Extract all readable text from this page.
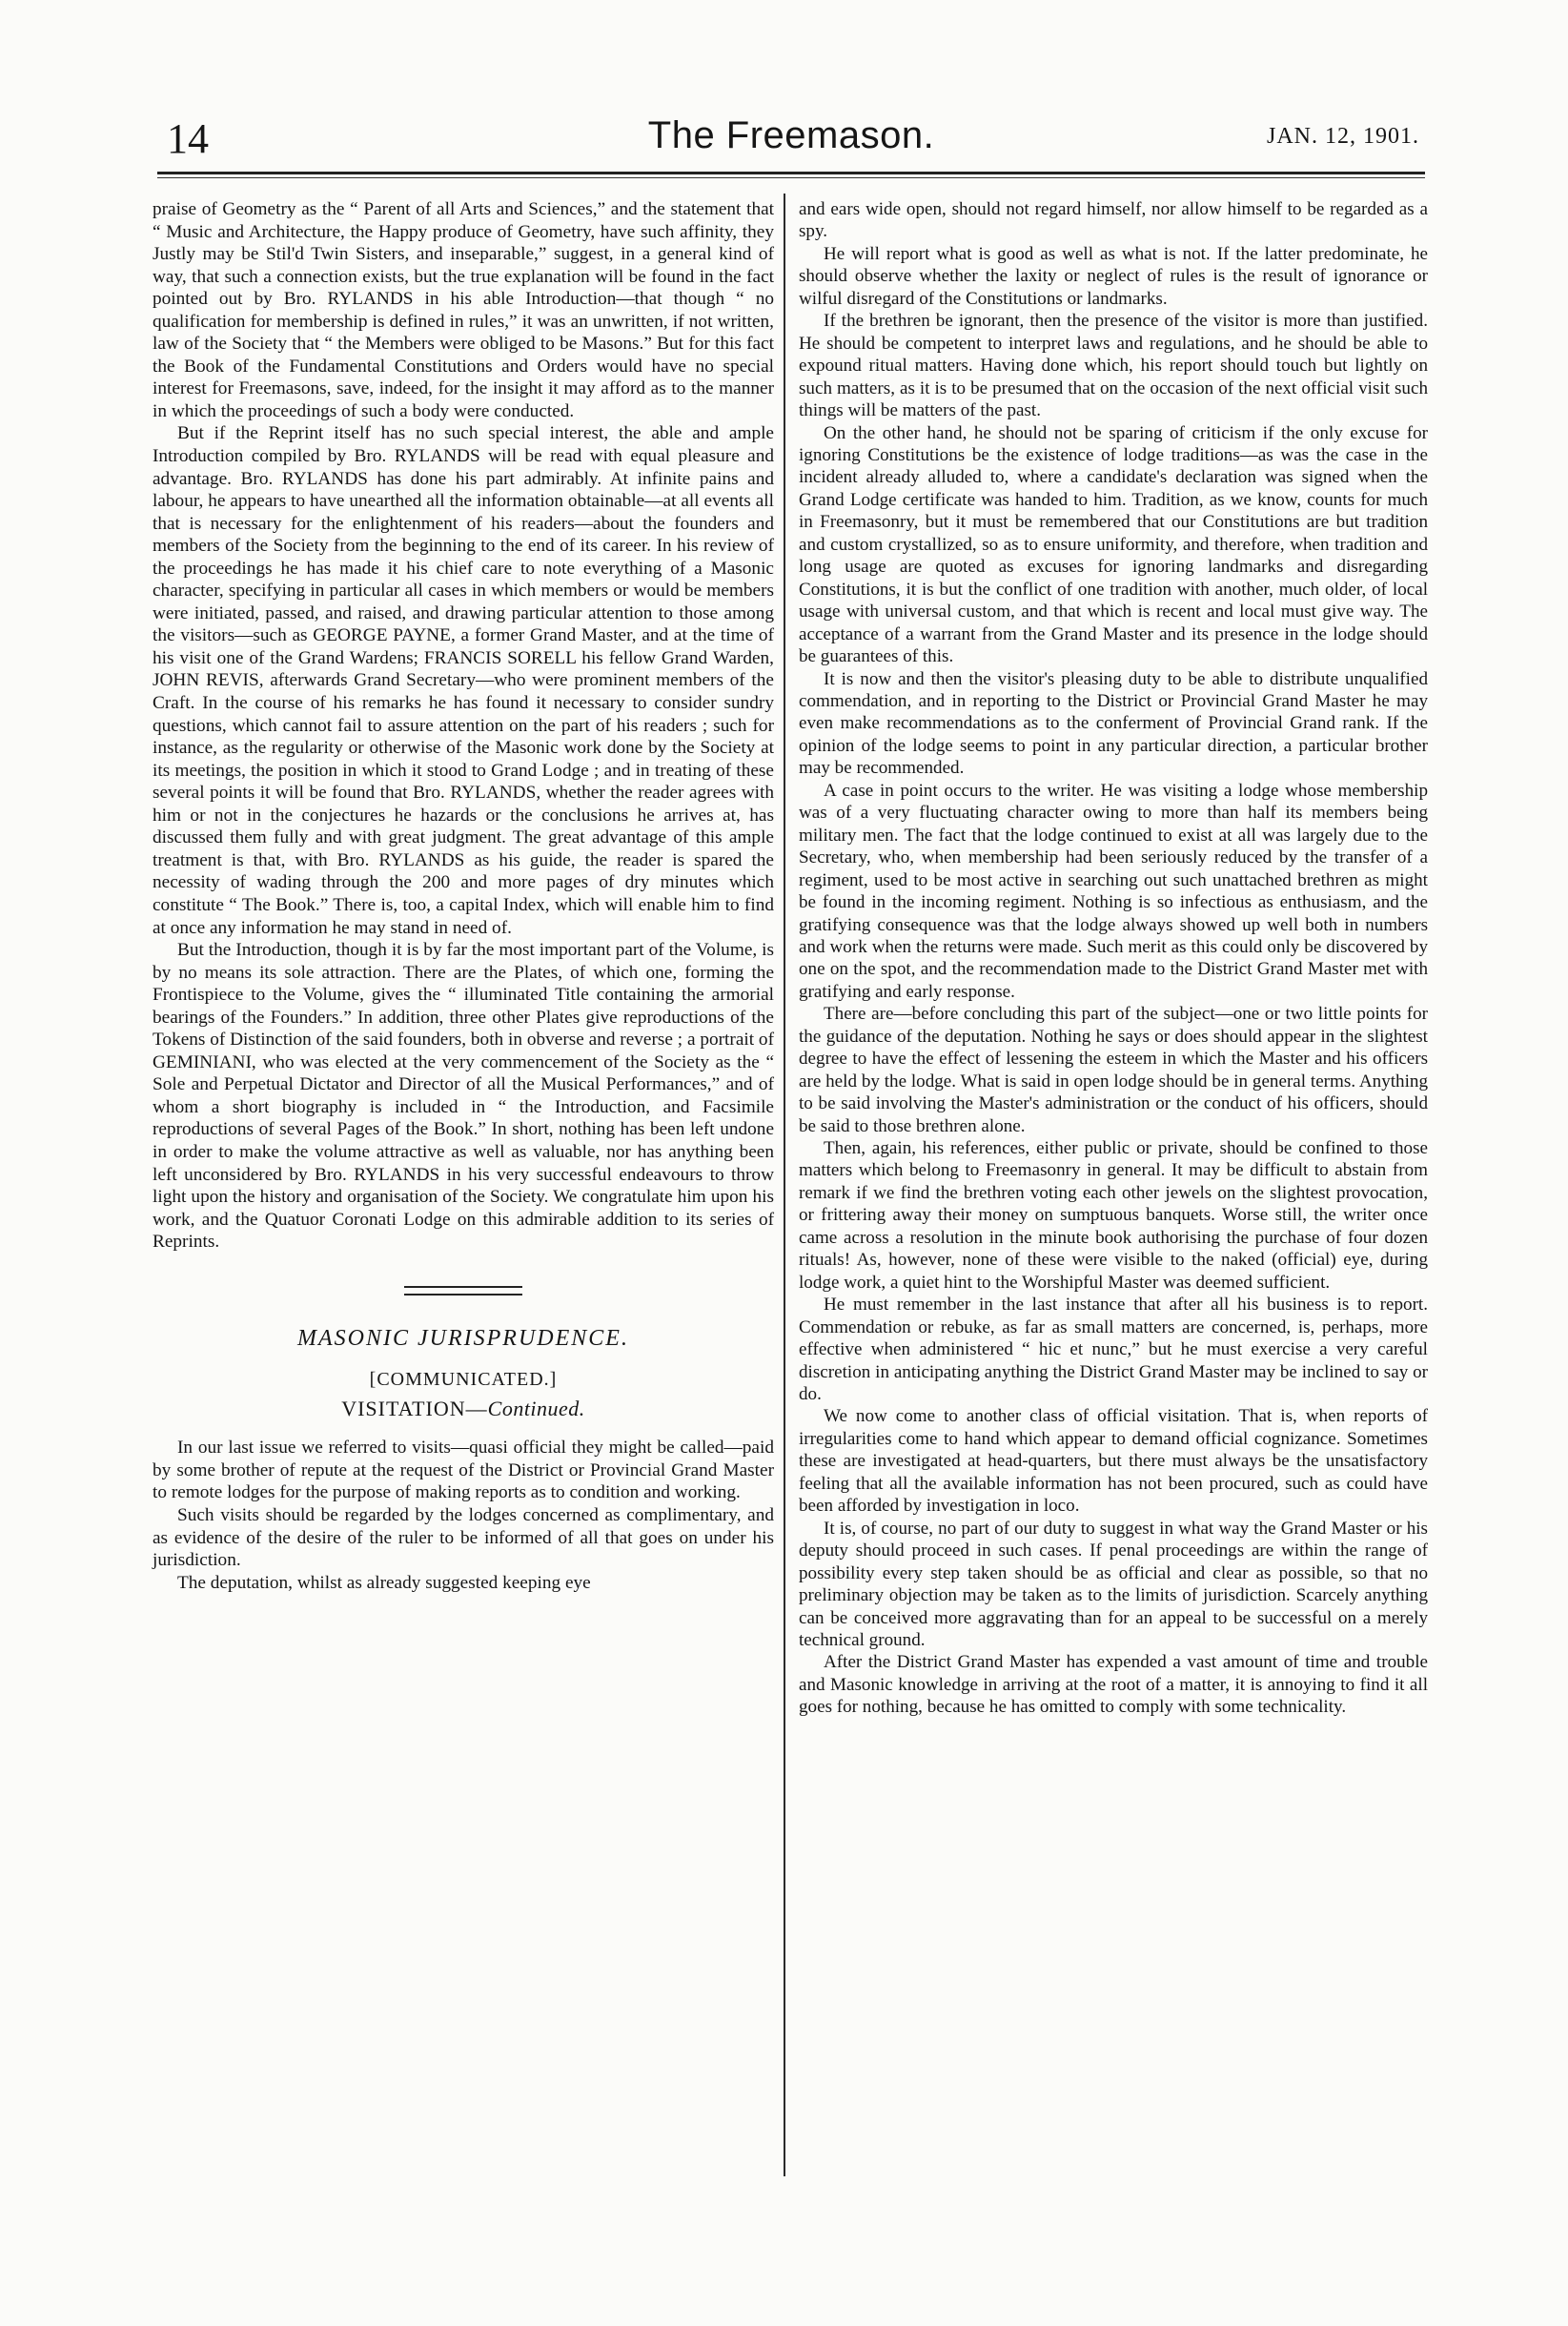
14	The Freemason.	JAN. 12, 1901.

praise of Geometry as the “ Parent of all Arts and Sciences,” and the statement that “ Music and Architecture, the Happy produce of Geometry, have such affinity, they Justly may be Stil'd Twin Sisters, and inseparable,” suggest, in a general kind of way, that such a connection exists, but the true explanation will be found in the fact pointed out by Bro. RYLANDS in his able Introduction—that though “ no qualification for membership is defined in rules,” it was an unwritten, if not written, law of the Society that “ the Members were obliged to be Masons.” But for this fact the Book of the Fundamental Constitutions and Orders would have no special interest for Freemasons, save, indeed, for the insight it may afford as to the manner in which the proceedings of such a body were conducted.

But if the Reprint itself has no such special interest, the able and ample Introduction compiled by Bro. RYLANDS will be read with equal pleasure and advantage. Bro. RYLANDS has done his part admirably. At infinite pains and labour, he appears to have unearthed all the information obtainable—at all events all that is necessary for the enlightenment of his readers—about the founders and members of the Society from the beginning to the end of its career. In his review of the proceedings he has made it his chief care to note everything of a Masonic character, specifying in particular all cases in which members or would be members were initiated, passed, and raised, and drawing particular attention to those among the visitors—such as GEORGE PAYNE, a former Grand Master, and at the time of his visit one of the Grand Wardens; FRANCIS SORELL his fellow Grand Warden, JOHN REVIS, afterwards Grand Secretary—who were prominent members of the Craft. In the course of his remarks he has found it necessary to consider sundry questions, which cannot fail to assure attention on the part of his readers ; such for instance, as the regularity or otherwise of the Masonic work done by the Society at its meetings, the position in which it stood to Grand Lodge ; and in treating of these several points it will be found that Bro. RYLANDS, whether the reader agrees with him or not in the conjectures he hazards or the conclusions he arrives at, has discussed them fully and with great judgment. The great advantage of this ample treatment is that, with Bro. RYLANDS as his guide, the reader is spared the necessity of wading through the 200 and more pages of dry minutes which constitute “ The Book.” There is, too, a capital Index, which will enable him to find at once any information he may stand in need of.

But the Introduction, though it is by far the most important part of the Volume, is by no means its sole attraction. There are the Plates, of which one, forming the Frontispiece to the Volume, gives the “ illuminated Title containing the armorial bearings of the Founders.” In addition, three other Plates give reproductions of the Tokens of Distinction of the said founders, both in obverse and reverse ; a portrait of GEMINIANI, who was elected at the very commencement of the Society as the “ Sole and Perpetual Dictator and Director of all the Musical Performances,” and of whom a short biography is included in “ the Introduction, and Facsimile reproductions of several Pages of the Book.” In short, nothing has been left undone in order to make the volume attractive as well as valuable, nor has anything been left unconsidered by Bro. RYLANDS in his very successful endeavours to throw light upon the history and organisation of the Society. We congratulate him upon his work, and the Quatuor Coronati Lodge on this admirable addition to its series of Reprints.

MASONIC JURISPRUDENCE.
[COMMUNICATED.]
VISITATION—Continued.

In our last issue we referred to visits—quasi official they might be called—paid by some brother of repute at the request of the District or Provincial Grand Master to remote lodges for the purpose of making reports as to condition and working.

Such visits should be regarded by the lodges concerned as complimentary, and as evidence of the desire of the ruler to be informed of all that goes on under his jurisdiction.

The deputation, whilst as already suggested keeping eye

and ears wide open, should not regard himself, nor allow himself to be regarded as a spy.

He will report what is good as well as what is not. If the latter predominate, he should observe whether the laxity or neglect of rules is the result of ignorance or wilful disregard of the Constitutions or landmarks.

If the brethren be ignorant, then the presence of the visitor is more than justified. He should be competent to interpret laws and regulations, and he should be able to expound ritual matters. Having done which, his report should touch but lightly on such matters, as it is to be presumed that on the occasion of the next official visit such things will be matters of the past.

On the other hand, he should not be sparing of criticism if the only excuse for ignoring Constitutions be the existence of lodge traditions—as was the case in the incident already alluded to, where a candidate's declaration was signed when the Grand Lodge certificate was handed to him. Tradition, as we know, counts for much in Freemasonry, but it must be remembered that our Constitutions are but tradition and custom crystallized, so as to ensure uniformity, and therefore, when tradition and long usage are quoted as excuses for ignoring landmarks and disregarding Constitutions, it is but the conflict of one tradition with another, much older, of local usage with universal custom, and that which is recent and local must give way. The acceptance of a warrant from the Grand Master and its presence in the lodge should be guarantees of this.

It is now and then the visitor's pleasing duty to be able to distribute unqualified commendation, and in reporting to the District or Provincial Grand Master he may even make recommendations as to the conferment of Provincial Grand rank. If the opinion of the lodge seems to point in any particular direction, a particular brother may be recommended.

A case in point occurs to the writer. He was visiting a lodge whose membership was of a very fluctuating character owing to more than half its members being military men. The fact that the lodge continued to exist at all was largely due to the Secretary, who, when membership had been seriously reduced by the transfer of a regiment, used to be most active in searching out such unattached brethren as might be found in the incoming regiment. Nothing is so infectious as enthusiasm, and the gratifying consequence was that the lodge always showed up well both in numbers and work when the returns were made. Such merit as this could only be discovered by one on the spot, and the recommendation made to the District Grand Master met with gratifying and early response.

There are—before concluding this part of the subject—one or two little points for the guidance of the deputation. Nothing he says or does should appear in the slightest degree to have the effect of lessening the esteem in which the Master and his officers are held by the lodge. What is said in open lodge should be in general terms. Anything to be said involving the Master's administration or the conduct of his officers, should be said to those brethren alone.

Then, again, his references, either public or private, should be confined to those matters which belong to Freemasonry in general. It may be difficult to abstain from remark if we find the brethren voting each other jewels on the slightest provocation, or frittering away their money on sumptuous banquets. Worse still, the writer once came across a resolution in the minute book authorising the purchase of four dozen rituals! As, however, none of these were visible to the naked (official) eye, during lodge work, a quiet hint to the Worshipful Master was deemed sufficient.

He must remember in the last instance that after all his business is to report. Commendation or rebuke, as far as small matters are concerned, is, perhaps, more effective when administered “ hic et nunc,” but he must exercise a very careful discretion in anticipating anything the District Grand Master may be inclined to say or do.

We now come to another class of official visitation. That is, when reports of irregularities come to hand which appear to demand official cognizance. Sometimes these are investigated at head-quarters, but there must always be the unsatisfactory feeling that all the available information has not been procured, such as could have been afforded by investigation in loco.

It is, of course, no part of our duty to suggest in what way the Grand Master or his deputy should proceed in such cases. If penal proceedings are within the range of possibility every step taken should be as official and clear as possible, so that no preliminary objection may be taken as to the limits of jurisdiction. Scarcely anything can be conceived more aggravating than for an appeal to be successful on a merely technical ground.

After the District Grand Master has expended a vast amount of time and trouble and Masonic knowledge in arriving at the root of a matter, it is annoying to find it all goes for nothing, because he has omitted to comply with some technicality.
